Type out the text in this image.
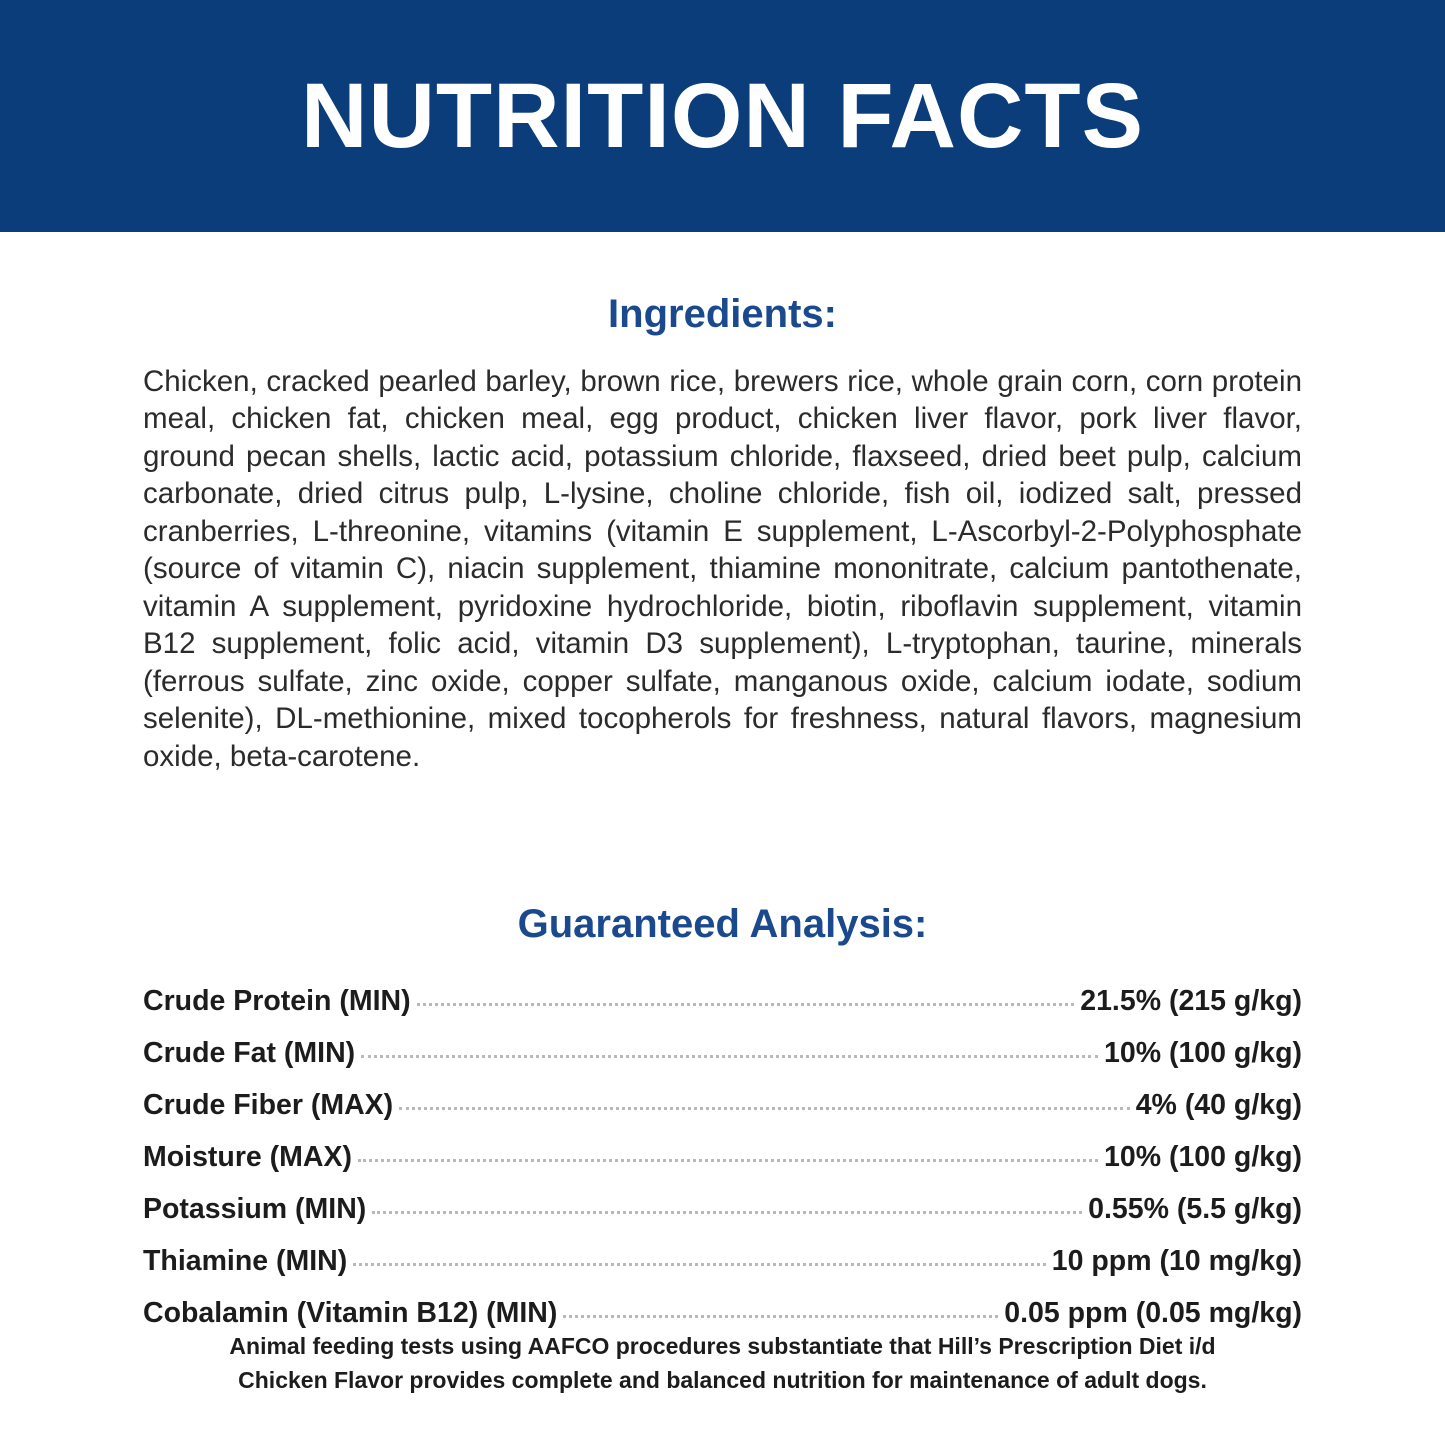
NUTRITION FACTS
Ingredients:

Chicken, cracked pearled barley, brown rice, brewers rice, whole grain corn, corn protein meal, chicken fat, chicken meal, egg product, chicken liver flavor, pork liver flavor, ground pecan shells, lactic acid, potassium chloride, flaxseed, dried beet pulp, calcium carbonate, dried citrus pulp, L-lysine, choline chloride, fish oil, iodized salt, pressed cranberries, L-threonine, vitamins (vitamin E supplement, L-Ascorbyl-2-Polyphosphate (source of vitamin C), niacin supplement, thiamine mononitrate, calcium pantothenate, vitamin A supplement, pyridoxine hydrochloride, biotin, riboflavin supplement, vitamin B12 supplement, folic acid, vitamin D3 supplement), L-tryptophan, taurine, minerals (ferrous sulfate, zinc oxide, copper sulfate, manganous oxide, calcium iodate, sodium selenite), DL-methionine, mixed tocopherols for freshness, natural flavors, magnesium oxide, beta-carotene.

Guaranteed Analysis:
Crude Protein (MIN)	21.5% (215 g/kg)
Crude Fat (MIN)	10% (100 g/kg)
Crude Fiber (MAX)	4% (40 g/kg)
Moisture (MAX)	10% (100 g/kg)
Potassium (MIN)	0.55% (5.5 g/kg)
Thiamine (MIN)	10 ppm (10 mg/kg)
Cobalamin (Vitamin B12) (MIN)	0.05 ppm (0.05 mg/kg)
Animal feeding tests using AAFCO procedures substantiate that Hill’s Prescription Diet i/d
Chicken Flavor provides complete and balanced nutrition for maintenance of adult dogs.
